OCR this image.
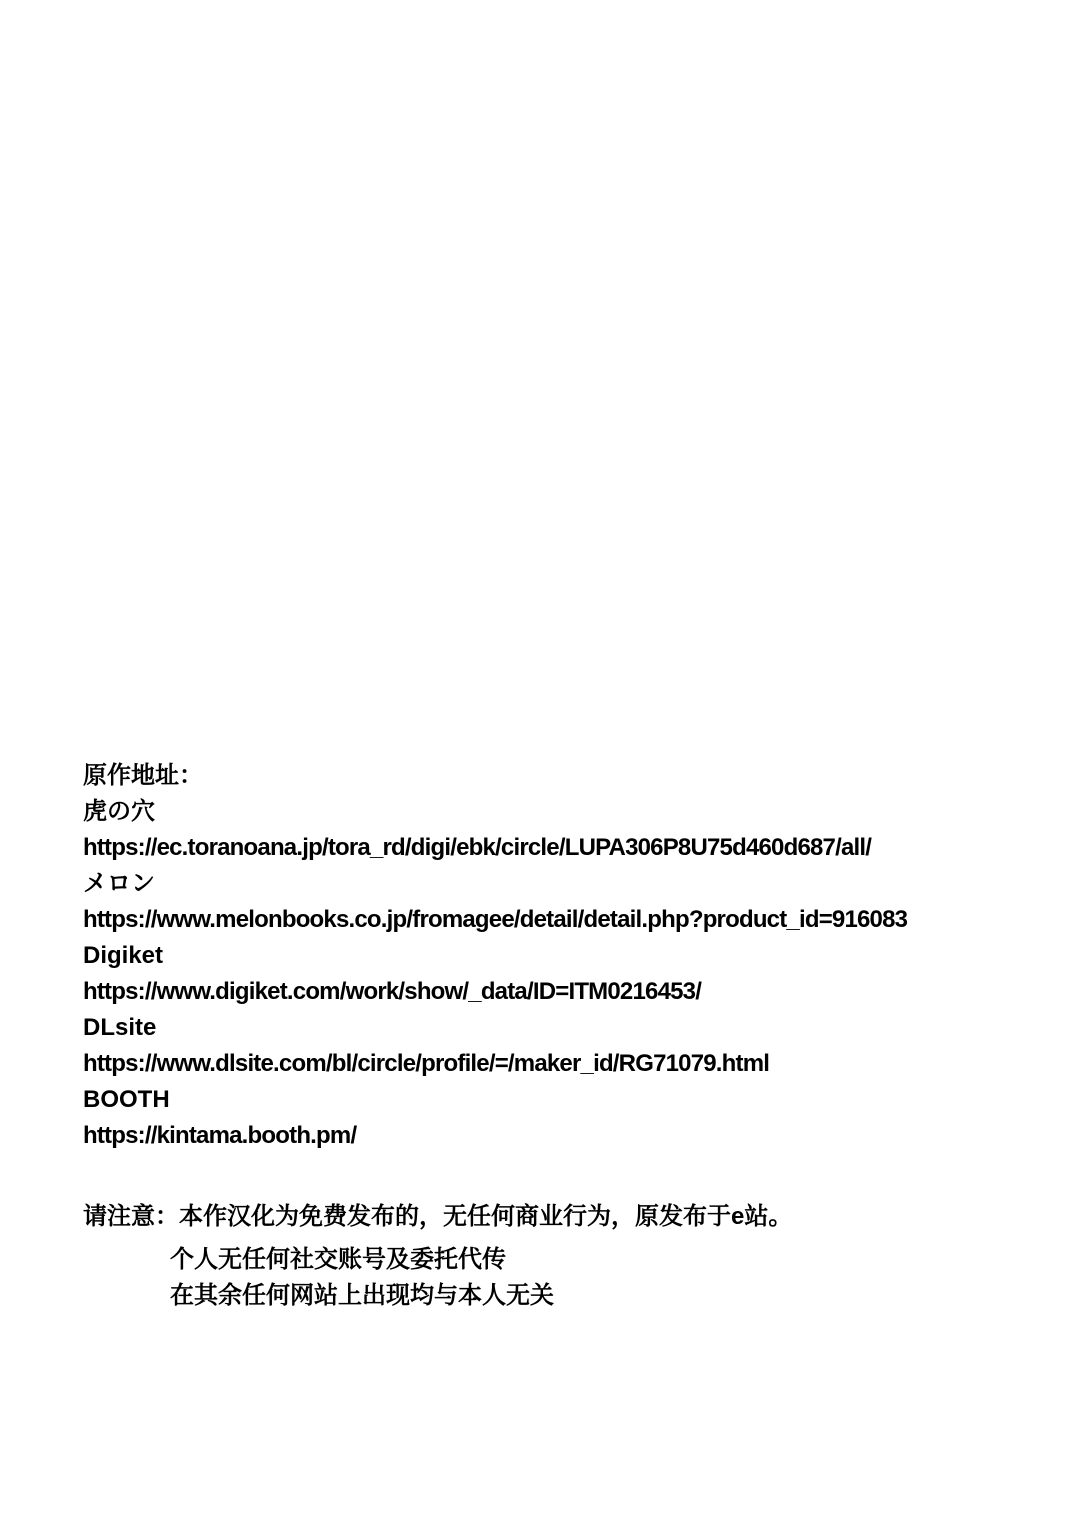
原作地址：
虎の穴
https://ec.toranoana.jp/tora_rd/digi/ebk/circle/LUPA306P8U75d460d687/all/
メロン
https://www.melonbooks.co.jp/fromagee/detail/detail.php?product_id=916083
Digiket
https://www.digiket.com/work/show/_data/ID=ITM0216453/
DLsite
https://www.dlsite.com/bl/circle/profile/=/maker_id/RG71079.html
BOOTH
https://kintama.booth.pm/
请注意： 本作汉化为免费发布的，无任何商业行为，原发布于e站。
个人无任何社交账号及委托代传
在其余任何网站上出现均与本人无关
